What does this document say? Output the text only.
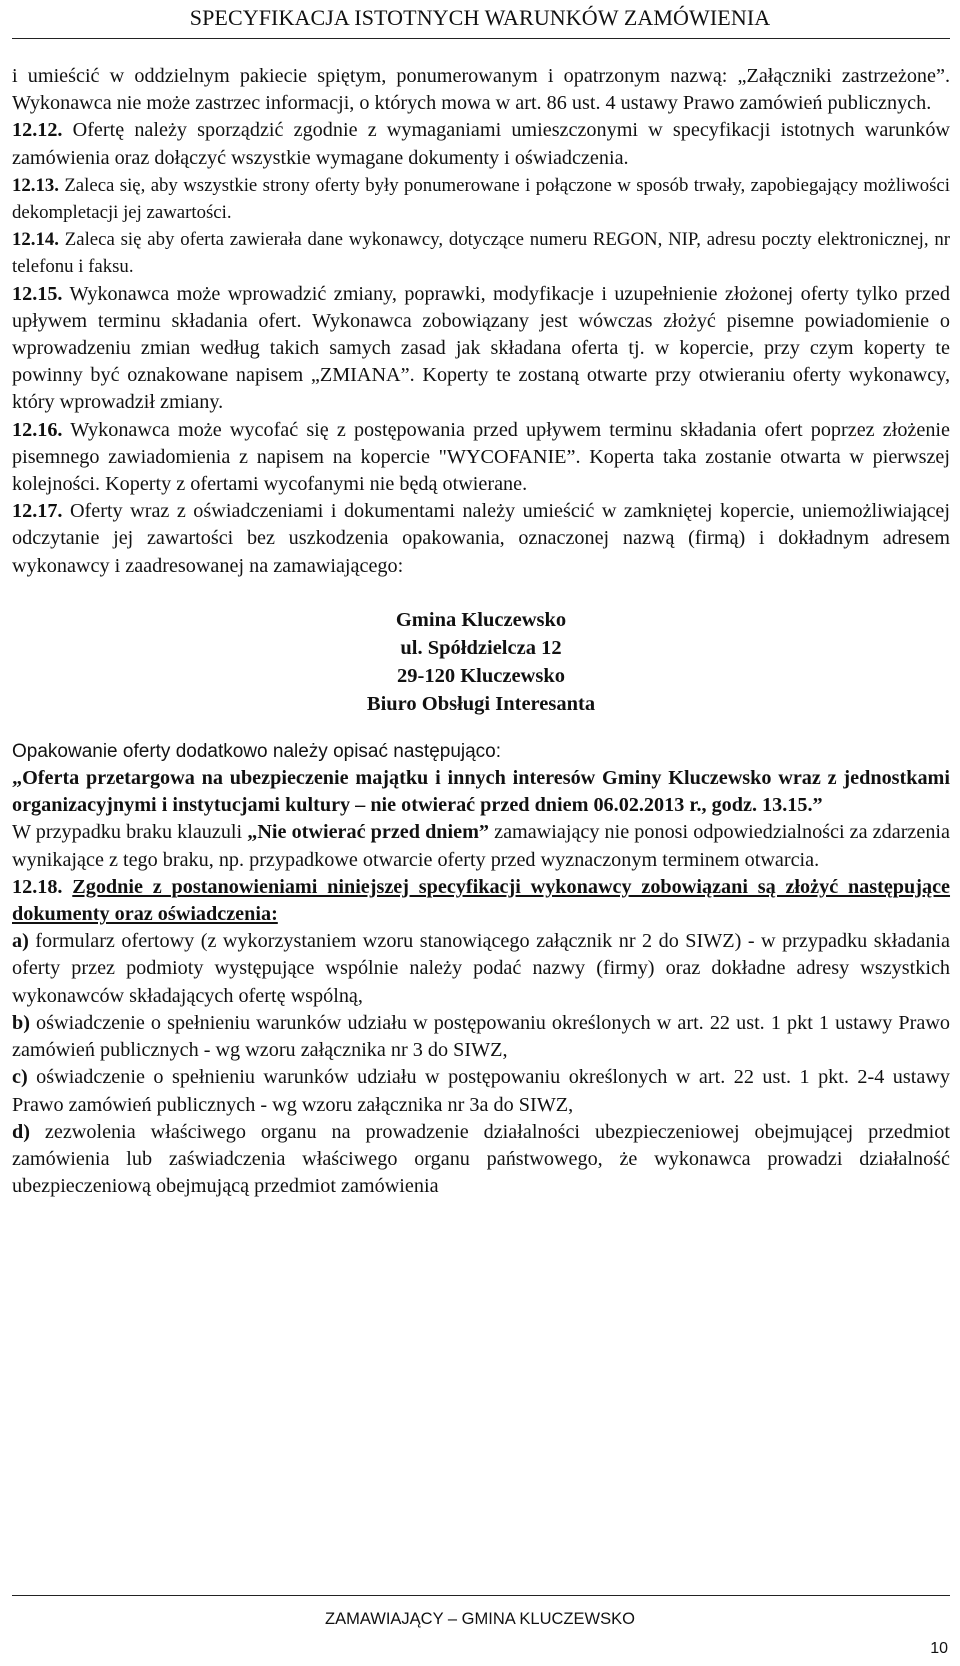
SPECYFIKACJA ISTOTNYCH WARUNKÓW ZAMÓWIENIA

i umieścić w oddzielnym pakiecie spiętym, ponumerowanym i opatrzonym nazwą: „Załączniki zastrzeżone”. Wykonawca nie może zastrzec informacji, o których mowa w art. 86 ust. 4 ustawy Prawo zamówień publicznych.

12.12. Ofertę należy sporządzić zgodnie z wymaganiami umieszczonymi w specyfikacji istotnych warunków zamówienia oraz dołączyć wszystkie wymagane dokumenty i oświadczenia.

12.13. Zaleca się, aby wszystkie strony oferty były ponumerowane i połączone w sposób trwały, zapobiegający możliwości dekompletacji jej zawartości.

12.14. Zaleca się aby oferta zawierała dane wykonawcy, dotyczące numeru REGON, NIP, adresu poczty elektronicznej, nr telefonu i faksu.

12.15. Wykonawca może wprowadzić zmiany, poprawki, modyfikacje i uzupełnienie złożonej oferty tylko przed upływem terminu składania ofert. Wykonawca zobowiązany jest wówczas złożyć pisemne powiadomienie o wprowadzeniu zmian według takich samych zasad jak składana oferta tj. w kopercie, przy czym koperty te powinny być oznakowane napisem „ZMIANA”. Koperty te zostaną otwarte przy otwieraniu oferty wykonawcy, który wprowadził zmiany.

12.16. Wykonawca może wycofać się z postępowania przed upływem terminu składania ofert poprzez złożenie pisemnego zawiadomienia z napisem na kopercie "WYCOFANIE”. Koperta taka zostanie otwarta w pierwszej kolejności. Koperty z ofertami wycofanymi nie będą otwierane.

12.17. Oferty wraz z oświadczeniami i dokumentami należy umieścić w zamkniętej kopercie, uniemożliwiającej odczytanie jej zawartości bez uszkodzenia opakowania, oznaczonej nazwą (firmą) i dokładnym adresem wykonawcy i zaadresowanej na zamawiającego:

Gmina Kluczewsko
ul. Spółdzielcza 12
29-120 Kluczewsko
Biuro Obsługi Interesanta

Opakowanie oferty dodatkowo należy opisać następująco:

„Oferta przetargowa na ubezpieczenie majątku i innych interesów Gminy Kluczewsko wraz z jednostkami organizacyjnymi i instytucjami kultury – nie otwierać przed dniem 06.02.2013 r., godz. 13.15.”

W przypadku braku klauzuli „Nie otwierać przed dniem” zamawiający nie ponosi odpowiedzialności za zdarzenia wynikające z tego braku, np. przypadkowe otwarcie oferty przed wyznaczonym terminem otwarcia.

12.18. Zgodnie z postanowieniami niniejszej specyfikacji wykonawcy zobowiązani są złożyć następujące dokumenty oraz oświadczenia:

a) formularz ofertowy (z wykorzystaniem wzoru stanowiącego załącznik nr 2 do SIWZ) - w przypadku składania oferty przez podmioty występujące wspólnie należy podać nazwy (firmy) oraz dokładne adresy wszystkich wykonawców składających ofertę wspólną,

b) oświadczenie o spełnieniu warunków udziału w postępowaniu określonych w art. 22 ust. 1 pkt 1 ustawy Prawo zamówień publicznych - wg wzoru załącznika nr 3 do SIWZ,

c) oświadczenie o spełnieniu warunków udziału w postępowaniu określonych w art. 22 ust. 1 pkt. 2-4 ustawy Prawo zamówień publicznych - wg wzoru załącznika nr 3a do SIWZ,

d) zezwolenia właściwego organu na prowadzenie działalności ubezpieczeniowej obejmującej przedmiot zamówienia lub zaświadczenia właściwego organu państwowego, że wykonawca prowadzi działalność ubezpieczeniową obejmującą przedmiot zamówienia

ZAMAWIAJĄCY – GMINA KLUCZEWSKO
10
